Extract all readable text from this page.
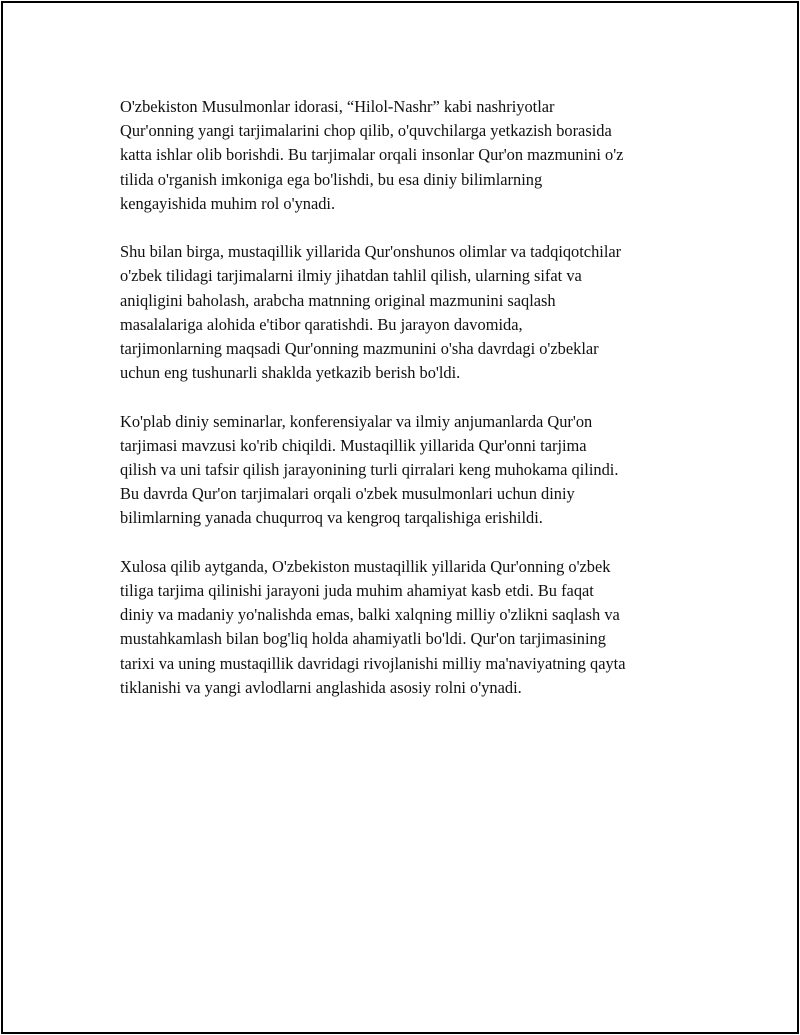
O'zbekiston Musulmonlar idorasi, “Hilol-Nashr” kabi nashriyotlar
Qur'onning yangi tarjimalarini chop qilib, o'quvchilarga yetkazish borasida
katta ishlar olib borishdi. Bu tarjimalar orqali insonlar Qur'on mazmunini o'z
tilida o'rganish imkoniga ega bo'lishdi, bu esa diniy bilimlarning
kengayishida muhim rol o'ynadi.

Shu bilan birga, mustaqillik yillarida Qur'onshunos olimlar va tadqiqotchilar
o'zbek tilidagi tarjimalarni ilmiy jihatdan tahlil qilish, ularning sifat va
aniqligini baholash, arabcha matnning original mazmunini saqlash
masalalariga alohida e'tibor qaratishdi. Bu jarayon davomida,
tarjimonlarning maqsadi Qur'onning mazmunini o'sha davrdagi o'zbeklar
uchun eng tushunarli shaklda yetkazib berish bo'ldi.

Ko'plab diniy seminarlar, konferensiyalar va ilmiy anjumanlarda Qur'on
tarjimasi mavzusi ko'rib chiqildi. Mustaqillik yillarida Qur'onni tarjima
qilish va uni tafsir qilish jarayonining turli qirralari keng muhokama qilindi.
Bu davrda Qur'on tarjimalari orqali o'zbek musulmonlari uchun diniy
bilimlarning yanada chuqurroq va kengroq tarqalishiga erishildi.

Xulosa qilib aytganda, O'zbekiston mustaqillik yillarida Qur'onning o'zbek
tiliga tarjima qilinishi jarayoni juda muhim ahamiyat kasb etdi. Bu faqat
diniy va madaniy yo'nalishda emas, balki xalqning milliy o'zlikni saqlash va
mustahkamlash bilan bog'liq holda ahamiyatli bo'ldi. Qur'on tarjimasining
tarixi va uning mustaqillik davridagi rivojlanishi milliy ma'naviyatning qayta
tiklanishi va yangi avlodlarni anglashida asosiy rolni o'ynadi.
